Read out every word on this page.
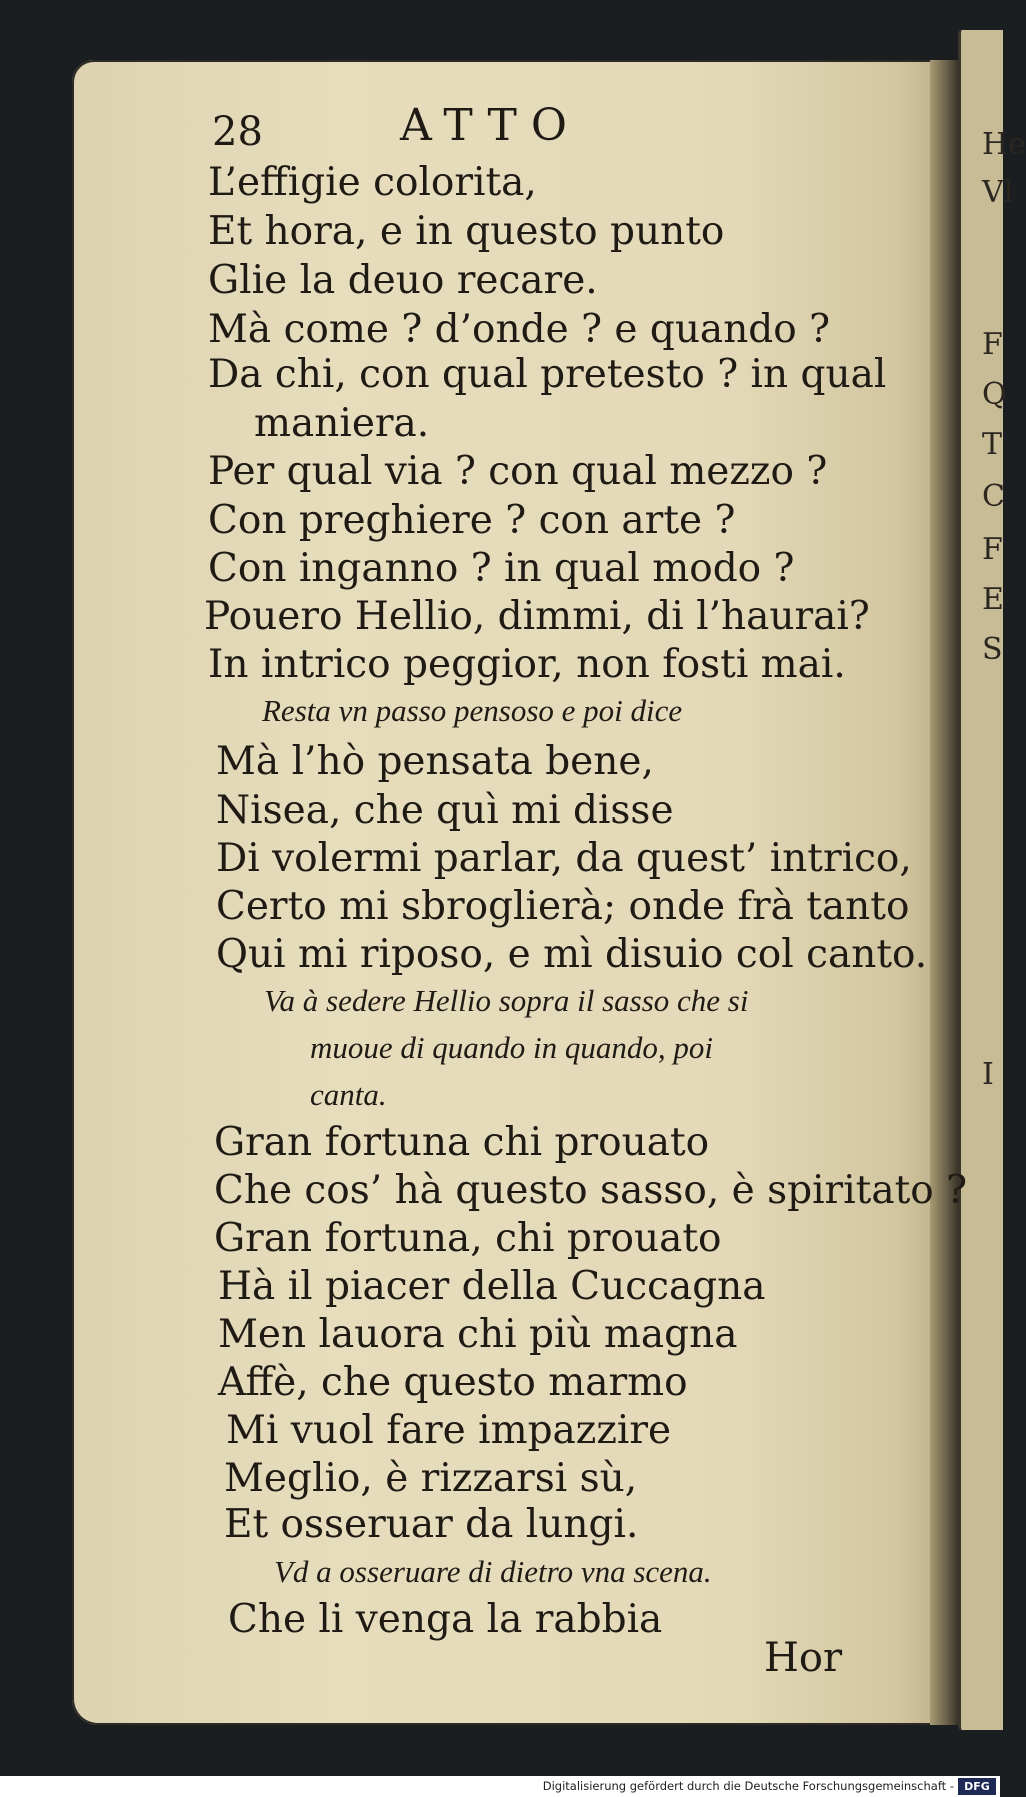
He
Vl
F
Q
T
C
F
E
S
I
28	ATTO
L’effigie colorita,
Et hora, e in questo punto
Glie la deuo recare.
Mà come ? d’onde ? e quando ?
Da chi, con qual pretesto ? in qual
maniera.
Per qual via ? con qual mezzo ?
Con preghiere ? con arte ?
Con inganno ? in qual modo ?
Pouero Hellio, dimmi, di l’haurai?
In intrico peggior, non fosti mai.
Resta vn passo pensoso e poi dice
Mà l’hò pensata bene,
Nisea, che quì mi disse
Di volermi parlar, da quest’ intrico,
Certo mi sbroglierà; onde frà tanto
Qui mi riposo, e mì disuio col canto.
Va à sedere Hellio sopra il sasso che si
muoue di quando in quando, poi
canta.
Gran fortuna chi prouato
Che cos’ hà questo sasso, è spiritato ?
Gran fortuna, chi prouato
Hà il piacer della Cuccagna
Men lauora chi più magna
Affè, che questo marmo
Mi vuol fare impazzire
Meglio, è rizzarsi sù,
Et osseruar da lungi.
Vd a osseruare di dietro vna scena.
Che li venga la rabbia
Hor
Digitalisierung gefördert durch die Deutsche Forschungsgemeinschaft - DFG
